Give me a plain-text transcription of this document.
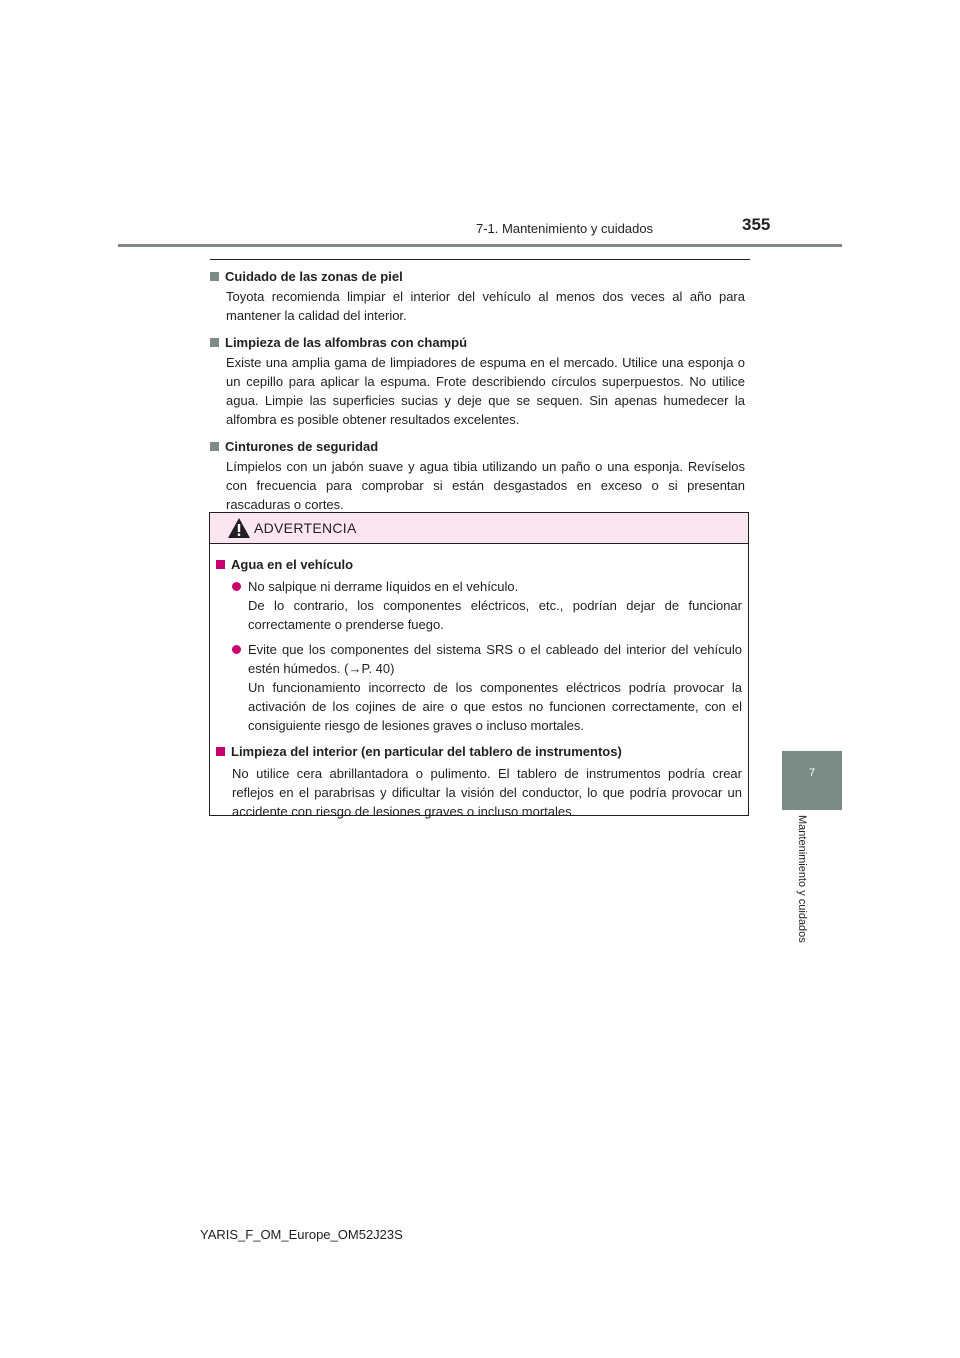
7-1. Mantenimiento y cuidados	355
7
Mantenimiento y cuidados
Cuidado de las zonas de piel
Toyota recomienda limpiar el interior del vehículo al menos dos veces al año para mantener la calidad del interior.
Limpieza de las alfombras con champú
Existe una amplia gama de limpiadores de espuma en el mercado. Utilice una esponja o un cepillo para aplicar la espuma. Frote describiendo círculos superpuestos. No utilice agua. Limpie las superficies sucias y deje que se sequen. Sin apenas humedecer la alfombra es posible obtener resultados excelentes.
Cinturones de seguridad
Límpielos con un jabón suave y agua tibia utilizando un paño o una esponja. Revíselos con frecuencia para comprobar si están desgastados en exceso o si presentan rascaduras o cortes.
ADVERTENCIA
Agua en el vehículo
No salpique ni derrame líquidos en el vehículo.
De lo contrario, los componentes eléctricos, etc., podrían dejar de funcionar correctamente o prenderse fuego.
Evite que los componentes del sistema SRS o el cableado del interior del vehículo estén húmedos. (→P. 40)
Un funcionamiento incorrecto de los componentes eléctricos podría provocar la activación de los cojines de aire o que estos no funcionen correctamente, con el consiguiente riesgo de lesiones graves o incluso mortales.
Limpieza del interior (en particular del tablero de instrumentos)
No utilice cera abrillantadora o pulimento. El tablero de instrumentos podría crear reflejos en el parabrisas y dificultar la visión del conductor, lo que podría provocar un accidente con riesgo de lesiones graves o incluso mortales.
YARIS_F_OM_Europe_OM52J23S
